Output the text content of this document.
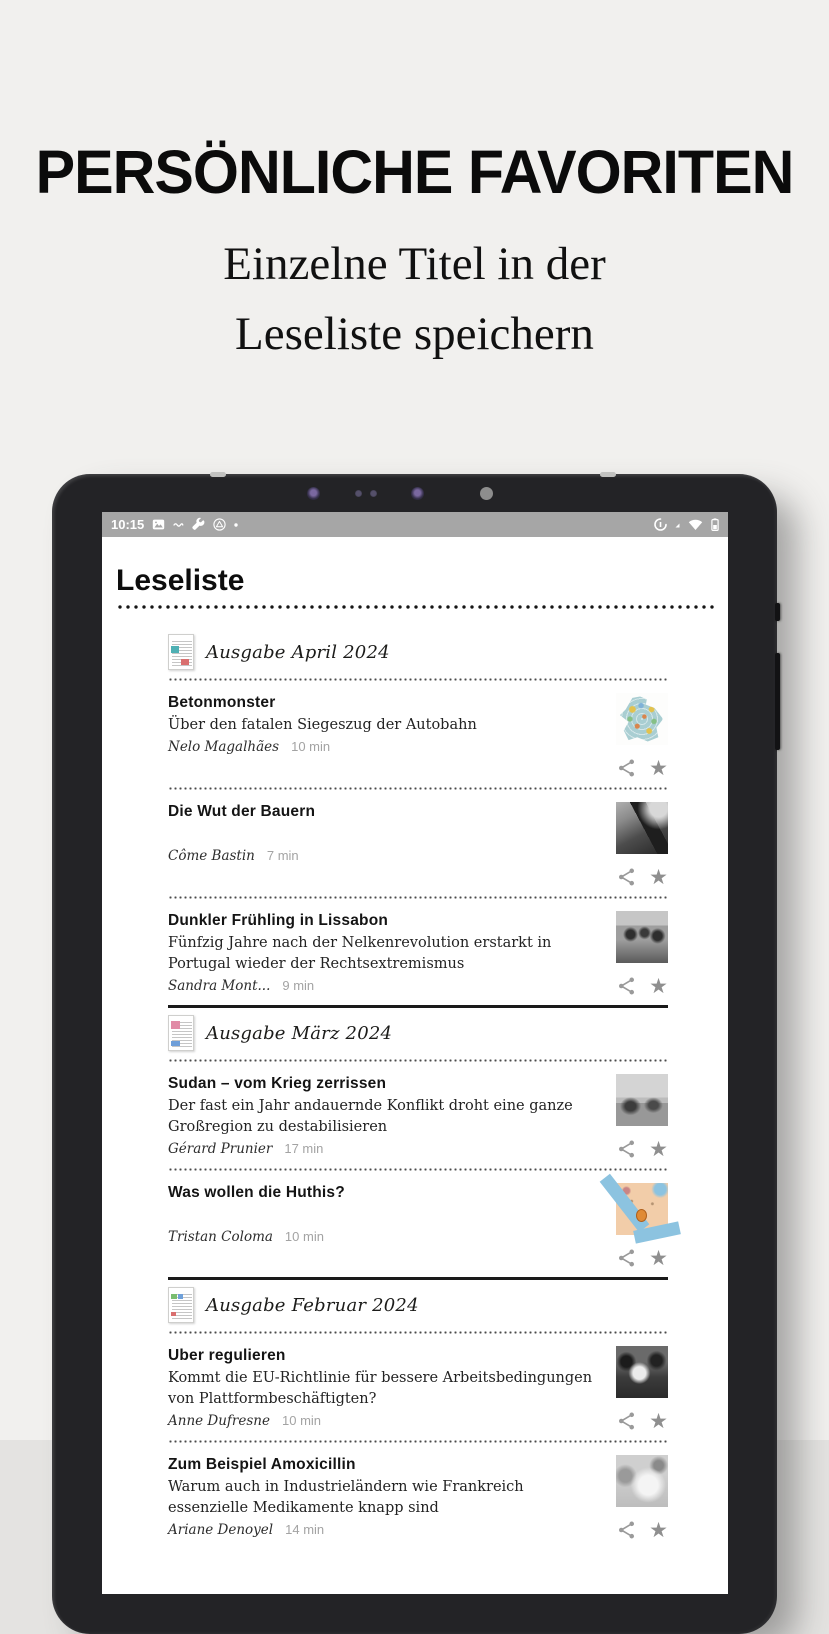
PERSÖNLICHE FAVORITEN
Einzelne Titel in der
Leseliste speichern
10:15
Leseliste
Ausgabe April 2024
Betonmonster
Über den fatalen Siegeszug der Autobahn
Nelo Magalhães 10 min
★
Die Wut der Bauern
Côme Bastin 7 min
★
Dunkler Frühling in Lissabon
Fünfzig Jahre nach der Nelkenrevolution erstarkt in Portugal wieder der Rechtsextremismus
Sandra Mont... 9 min	★
Ausgabe März 2024
Sudan – vom Krieg zerrissen
Der fast ein Jahr andauernde Konflikt droht eine ganze Großregion zu destabilisieren
Gérard Prunier 17 min	★
Was wollen die Huthis?
Tristan Coloma 10 min
★
Ausgabe Februar 2024
Uber regulieren
Kommt die EU-Richtlinie für bessere Arbeitsbedingungen von Plattformbeschäftigten?
Anne Dufresne 10 min	★
Zum Beispiel Amoxicillin
Warum auch in Industrieländern wie Frankreich essenzielle Medikamente knapp sind
Ariane Denoyel 14 min	★
